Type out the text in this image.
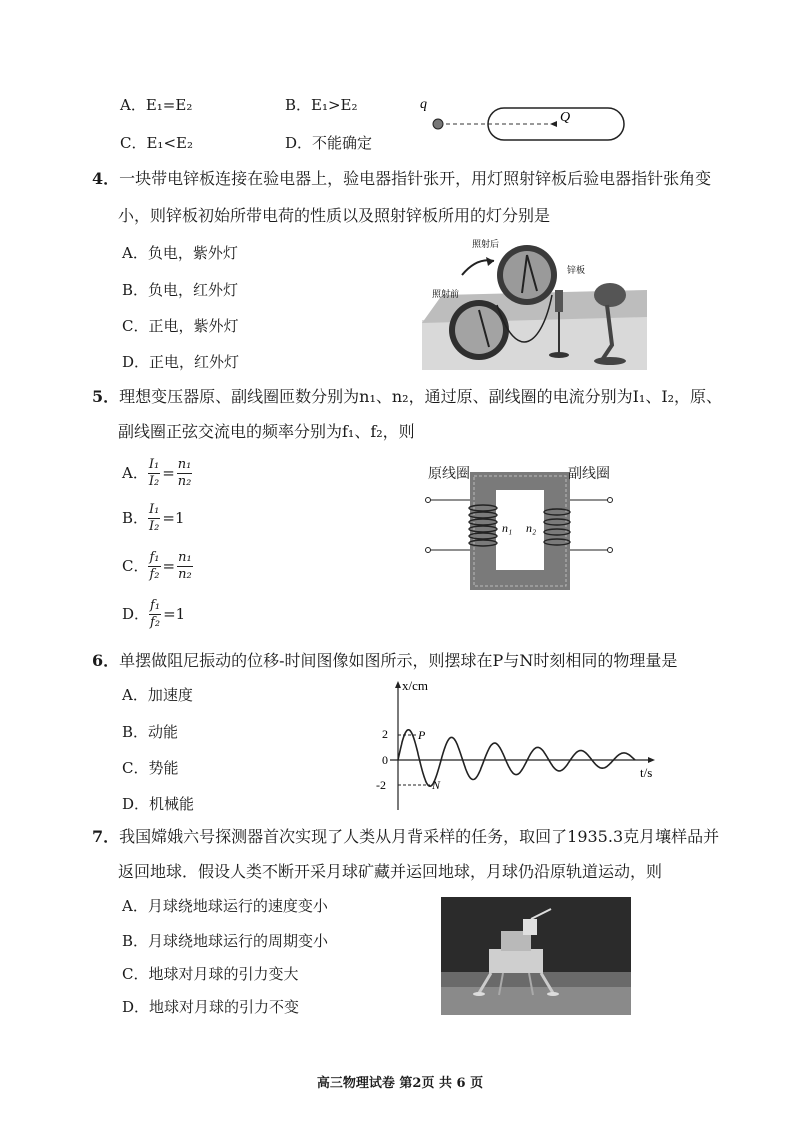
A．E₁=E₂	B．E₁>E₂
C．E₁<E₂	D．不能确定
q
Q
4．一块带电锌板连接在验电器上，验电器指针张开，用灯照射锌板后验电器指针张角变
小，则锌板初始所带电荷的性质以及照射锌板所用的灯分别是
A．负电，紫外灯
B．负电，红外灯
C．正电，紫外灯
D．正电，红外灯
照射后
照射前
锌板
5．理想变压器原、副线圈匝数分别为n₁、n₂，通过原、副线圈的电流分别为I₁、I₂，原、
副线圈正弦交流电的频率分别为f₁、f₂，则
A． $\frac{\text{I₁}}{\text{I₂}} = \frac{\text{n₁}}{\text{n₂}}$
B． $\frac{\text{I₁}}{\text{I₂}} =1$
C． $\frac{\text{f₁}}{\text{f₂}} = \frac{\text{n₁}}{\text{n₂}}$
D． $\frac{\text{f₁}}{\text{f₂}} =1$
n₁ n₂
原线圈	副线圈
6．单摆做阻尼振动的位移-时间图像如图所示，则摆球在P与N时刻相同的物理量是
A．加速度
B．动能
C．势能
D．机械能
x/cm
t/s
2
0
-2
P
N
7．我国嫦娥六号探测器首次实现了人类从月背采样的任务，取回了1935.3克月壤样品并
返回地球．假设人类不断开采月球矿藏并运回地球，月球仍沿原轨道运动，则
A．月球绕地球运行的速度变小
B．月球绕地球运行的周期变小
C．地球对月球的引力变大
D．地球对月球的引力不变
高三物理试卷 第2页 共 6 页
